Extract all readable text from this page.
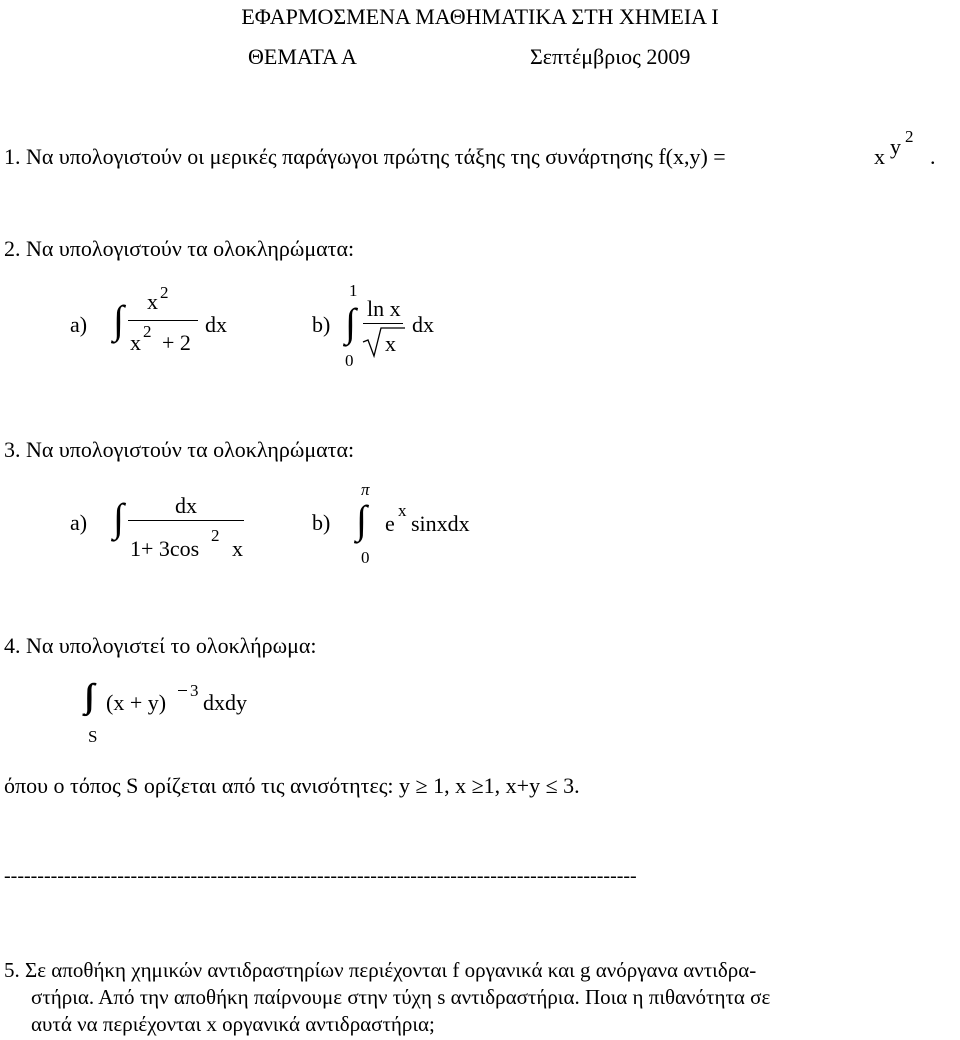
ΕΦΑΡΜΟΣΜΕΝΑ ΜΑΘΗΜΑΤΙΚΑ ΣΤΗ ΧΗΜΕΙΑ Ι
ΘΕΜΑΤΑ Α	Σεπτέμβριος 2009
1. Να υπολογιστούν οι μερικές παράγωγοι πρώτης τάξης της συνάρτησης f(x,y) =	x y 2
.
2. Να υπολογιστούν τα ολοκληρώματα:
a) ∫ x 2
x 2 + 2
dx	b)
1
∫
0
ln x
x
dx
3. Να υπολογιστούν τα ολοκληρώματα:
a) ∫ dx
1+ 3cos
2
x
b)
π
∫
0
e
x
sinxdx
4. Να υπολογιστεί το ολοκλήρωμα:
∫∫ (x + y) 3 dxdy
S
όπου ο τόπος S ορίζεται από τις ανισότητες: y ≥ 1, x ≥1, x+y ≤ 3.
-----------------------------------------------------------------------------------------------
5. Σε αποθήκη χημικών αντιδραστηρίων περιέχονται f οργανικά και g ανόργανα αντιδρα-
στήρια. Από την αποθήκη παίρνουμε στην τύχη s αντιδραστήρια. Ποια η πιθανότητα σε
αυτά να περιέχονται x οργανικά αντιδραστήρια;
